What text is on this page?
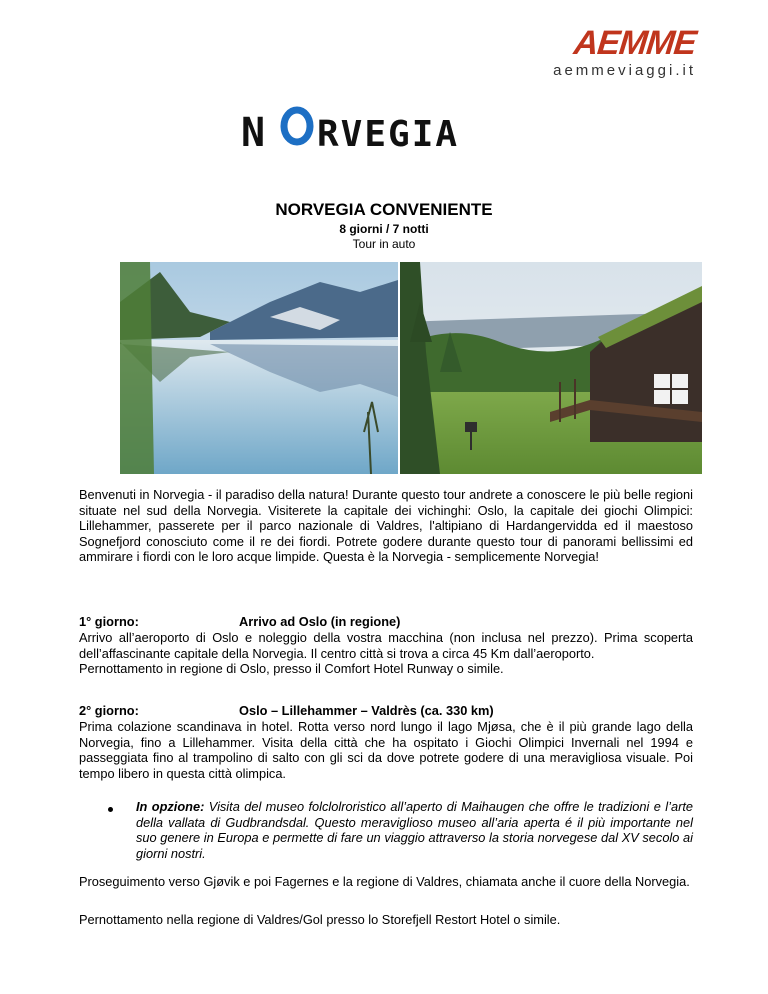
AEMME
aemmeviaggi.it
N RVEGIA
NORVEGIA CONVENIENTE
8 giorni / 7 notti
Tour in auto
Benvenuti in Norvegia - il paradiso della natura! Durante questo tour andrete a conoscere le più belle regioni situate nel sud della Norvegia. Visiterete la capitale dei vichinghi: Oslo, la capitale dei giochi Olimpici: Lillehammer, passerete per il parco nazionale di Valdres, l'altipiano di Hardangervidda ed il maestoso Sognefjord conosciuto come il re dei fiordi. Potrete godere durante questo tour di panorami bellissimi ed ammirare i fiordi con le loro acque limpide. Questa è la Norvegia - semplicemente Norvegia!
1° giorno:	Arrivo ad Oslo (in regione)
Arrivo all’aeroporto di Oslo e noleggio della vostra macchina (non inclusa nel prezzo). Prima scoperta dell’affascinante capitale della Norvegia. Il centro città si trova a circa 45 Km dall’aeroporto.
Pernottamento in regione di Oslo, presso il Comfort Hotel Runway o simile.
2° giorno:	Oslo – Lillehammer – Valdrès (ca. 330 km)
Prima colazione scandinava in hotel. Rotta verso nord lungo il lago Mjøsa, che è il più grande lago della Norvegia, fino a Lillehammer. Visita della città che ha ospitato i Giochi Olimpici Invernali nel 1994 e passeggiata fino al trampolino di salto con gli sci da dove potrete godere di una meravigliosa visuale. Poi tempo libero in questa città olimpica.
In opzione: Visita del museo folclolroristico all’aperto di Maihaugen che offre le tradizioni e l’arte della vallata di Gudbrandsdal. Questo meraviglioso museo all’aria aperta é il più importante nel suo genere in Europa e permette di fare un viaggio attraverso la storia norvegese dal XV secolo ai giorni nostri.
Proseguimento verso Gjøvik e poi Fagernes e la regione di Valdres, chiamata anche il cuore della Norvegia.
Pernottamento nella regione di Valdres/Gol presso lo Storefjell Restort Hotel o simile.
